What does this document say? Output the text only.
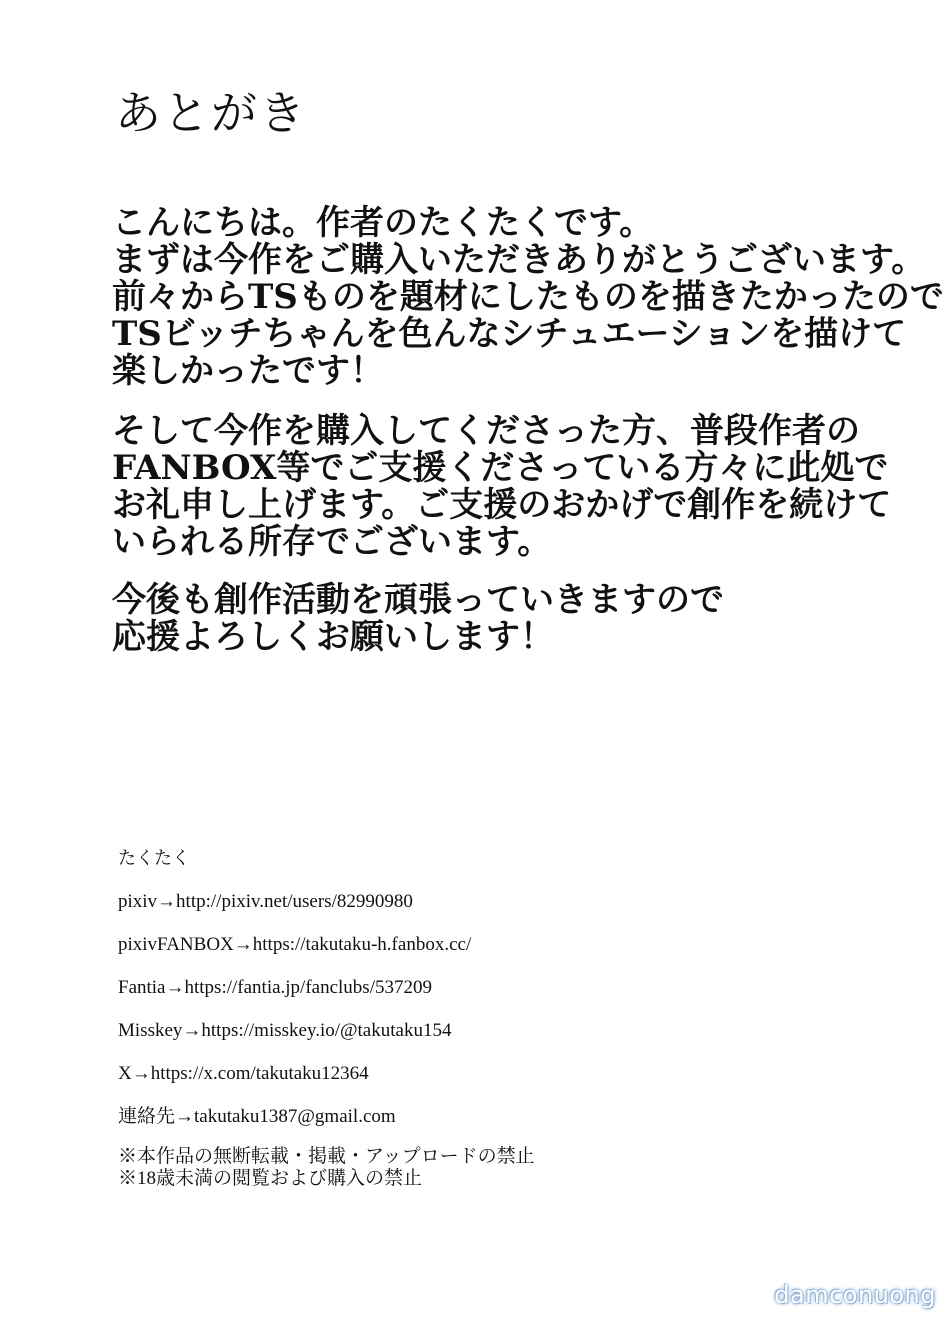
あとがき
こんにちは。作者のたくたくです。
まずは今作をご購入いただきありがとうございます。
前々からTSものを題材にしたものを描きたかったので
TSビッチちゃんを色んなシチュエーションを描けて
楽しかったです！
そして今作を購入してくださった方、普段作者の
FANBOX等でご支援くださっている方々に此処で
お礼申し上げます。ご支援のおかげで創作を続けて
いられる所存でございます。
今後も創作活動を頑張っていきますので
応援よろしくお願いします！
たくたく
pixiv→http://pixiv.net/users/82990980
pixivFANBOX→https://takutaku-h.fanbox.cc/
Fantia→https://fantia.jp/fanclubs/537209
Misskey→https://misskey.io/@takutaku154
X→https://x.com/takutaku12364
連絡先→takutaku1387@gmail.com
※本作品の無断転載・掲載・アップロードの禁止
※18歳未満の閲覧および購入の禁止
damconuong
